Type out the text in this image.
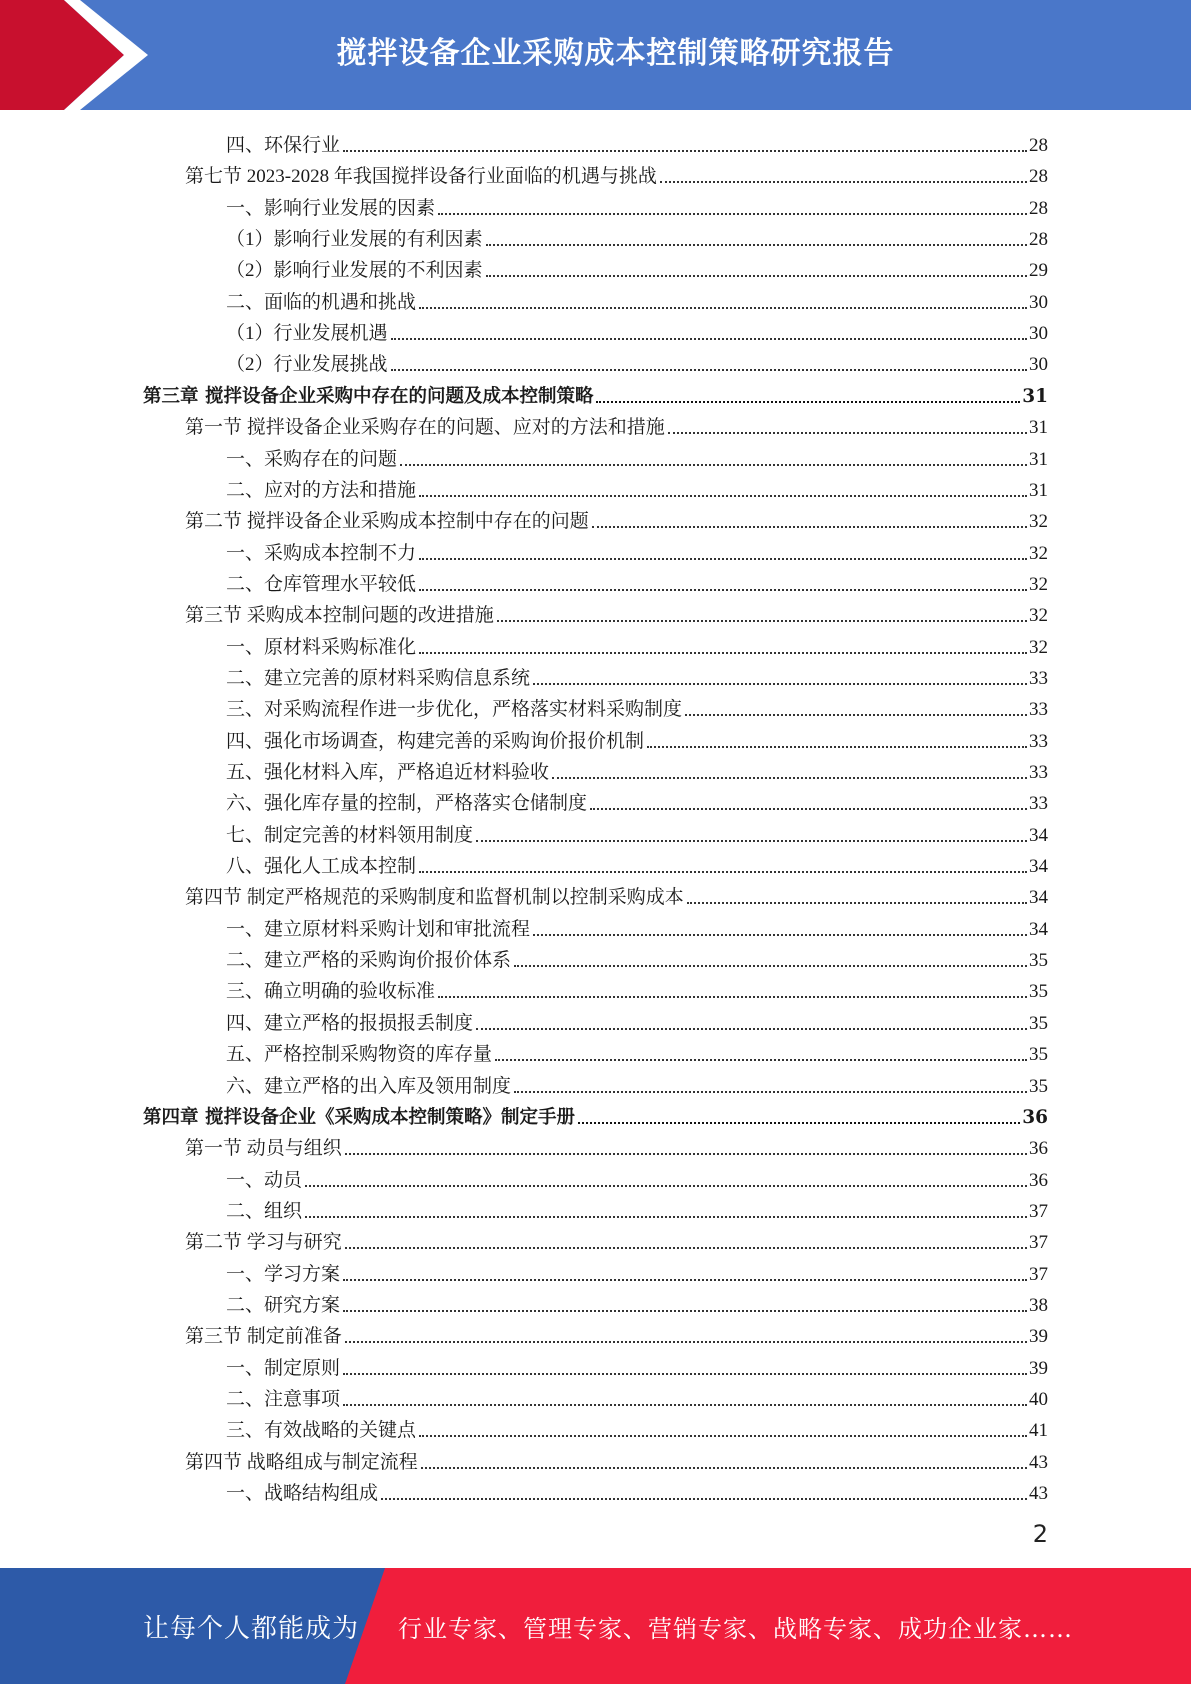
搅拌设备企业采购成本控制策略研究报告
四、环保行业	28
第七节 2023-2028 年我国搅拌设备行业面临的机遇与挑战	28
一、影响行业发展的因素	28
（1）影响行业发展的有利因素	28
（2）影响行业发展的不利因素	29
二、面临的机遇和挑战	30
（1）行业发展机遇	30
（2）行业发展挑战	30
第三章 搅拌设备企业采购中存在的问题及成本控制策略	31
第一节 搅拌设备企业采购存在的问题、应对的方法和措施	31
一、采购存在的问题	31
二、应对的方法和措施	31
第二节 搅拌设备企业采购成本控制中存在的问题	32
一、采购成本控制不力	32
二、仓库管理水平较低	32
第三节 采购成本控制问题的改进措施	32
一、原材料采购标准化	32
二、建立完善的原材料采购信息系统	33
三、对采购流程作进一步优化，严格落实材料采购制度	33
四、强化市场调查，构建完善的采购询价报价机制	33
五、强化材料入库，严格追近材料验收	33
六、强化库存量的控制，严格落实仓储制度	33
七、制定完善的材料领用制度	34
八、强化人工成本控制	34
第四节 制定严格规范的采购制度和监督机制以控制采购成本	34
一、建立原材料采购计划和审批流程	34
二、建立严格的采购询价报价体系	35
三、确立明确的验收标准	35
四、建立严格的报损报丢制度	35
五、严格控制采购物资的库存量	35
六、建立严格的出入库及领用制度	35
第四章 搅拌设备企业《采购成本控制策略》制定手册	36
第一节 动员与组织	36
一、动员	36
二、组织	37
第二节 学习与研究	37
一、学习方案	37
二、研究方案	38
第三节 制定前准备	39
一、制定原则	39
二、注意事项	40
三、有效战略的关键点	41
第四节 战略组成与制定流程	43
一、战略结构组成	43
2
让每个人都能成为 行业专家、管理专家、营销专家、战略专家、成功企业家……
